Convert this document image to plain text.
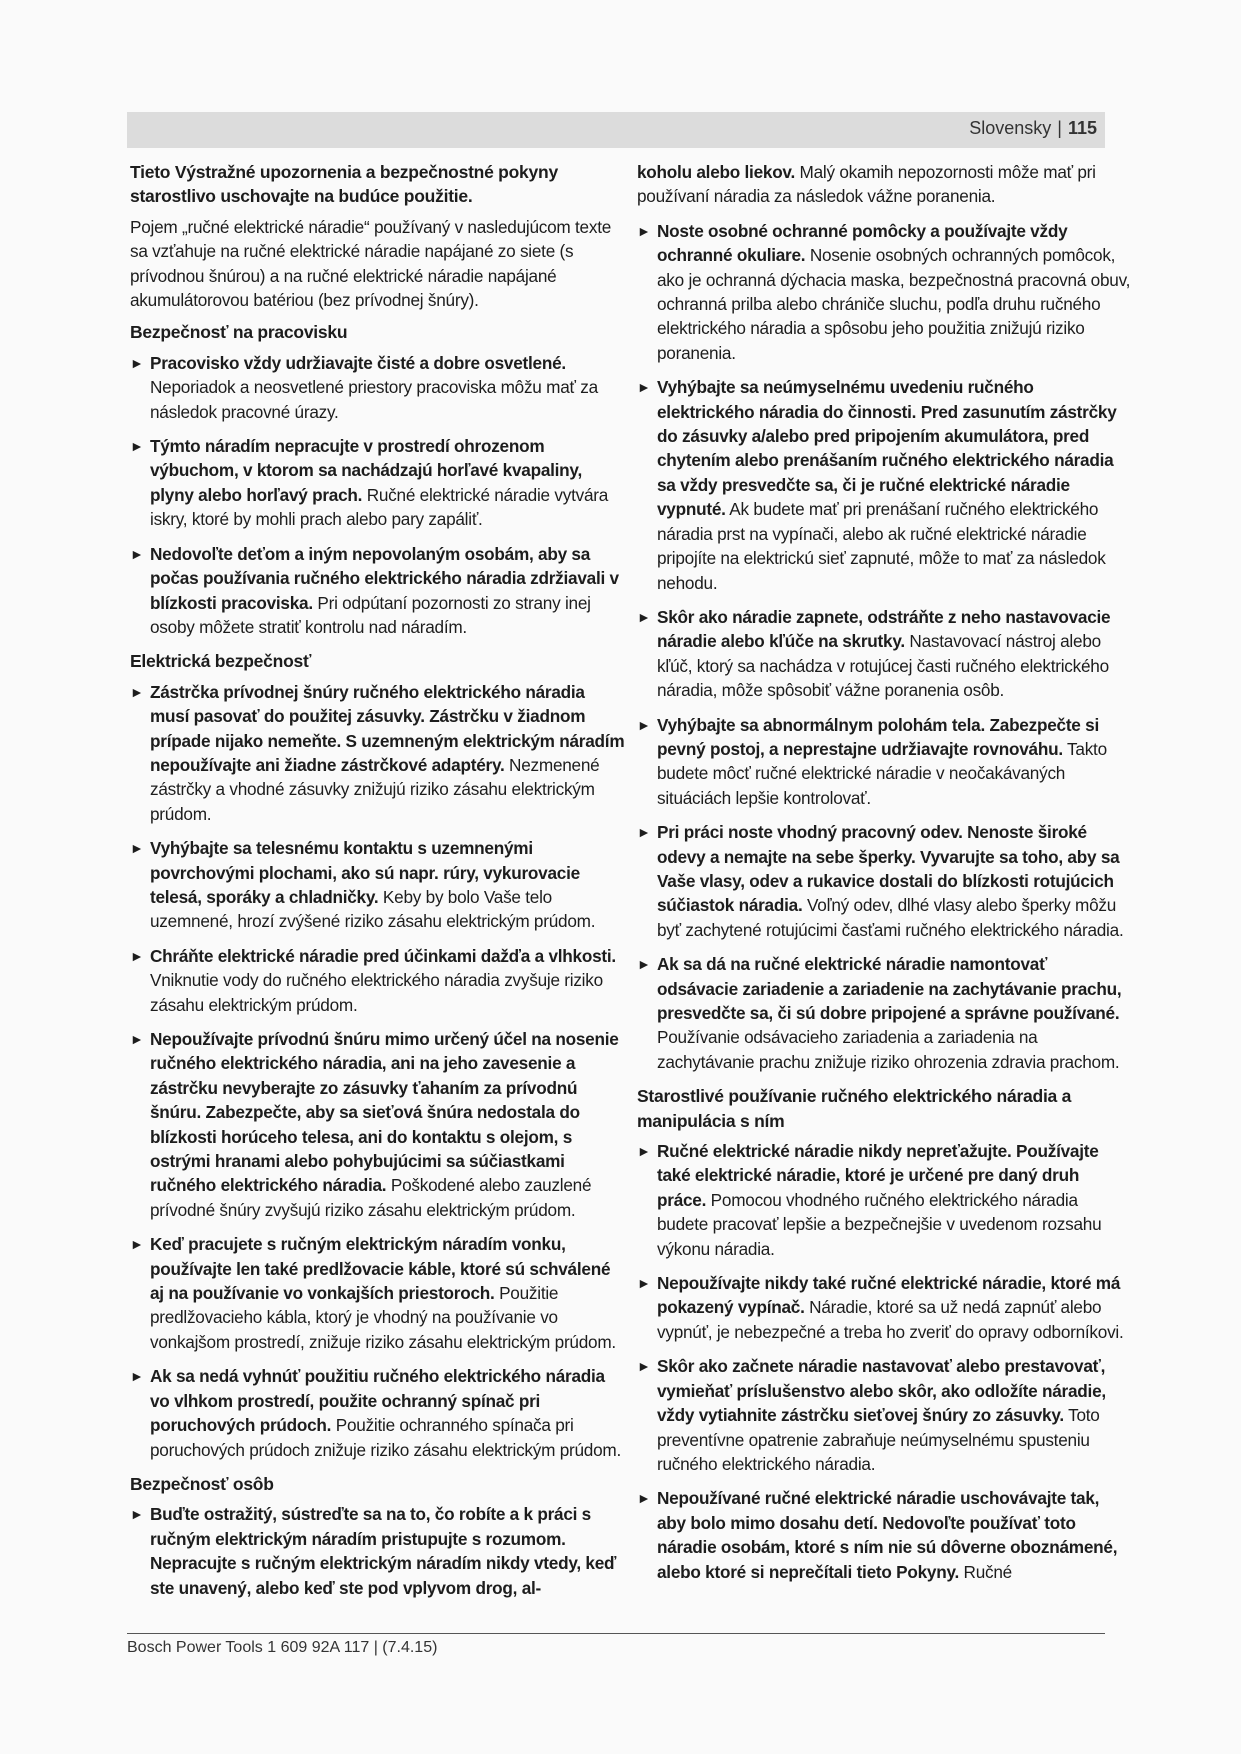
Slovensky | 115
Tieto Výstražné upozornenia a bezpečnostné pokyny starostlivo uschovajte na budúce použitie.

Pojem „ručné elektrické náradie“ používaný v nasledujúcom texte sa vzťahuje na ručné elektrické náradie napájané zo siete (s prívodnou šnúrou) a na ručné elektrické náradie napájané akumulátorovou batériou (bez prívodnej šnúry).

Bezpečnosť na pracovisku
► Pracovisko vždy udržiavajte čisté a dobre osvetlené. Neporiadok a neosvetlené priestory pracoviska môžu mať za následok pracovné úrazy.
► Týmto náradím nepracujte v prostredí ohrozenom výbuchom, v ktorom sa nachádzajú horľavé kvapaliny, plyny alebo horľavý prach. Ručné elektrické náradie vytvára iskry, ktoré by mohli prach alebo pary zapáliť.
► Nedovoľte deťom a iným nepovolaným osobám, aby sa počas používania ručného elektrického náradia zdržiavali v blízkosti pracoviska. Pri odpútaní pozornosti zo strany inej osoby môžete stratiť kontrolu nad náradím.
Elektrická bezpečnosť
► Zástrčka prívodnej šnúry ručného elektrického náradia musí pasovať do použitej zásuvky. Zástrčku v žiadnom prípade nijako nemeňte. S uzemneným elektrickým náradím nepoužívajte ani žiadne zástrčkové adaptéry. Nezmenené zástrčky a vhodné zásuvky znižujú riziko zásahu elektrickým prúdom.
► Vyhýbajte sa telesnému kontaktu s uzemnenými povrchovými plochami, ako sú napr. rúry, vykurovacie telesá, sporáky a chladničky. Keby by bolo Vaše telo uzemnené, hrozí zvýšené riziko zásahu elektrickým prúdom.
► Chráňte elektrické náradie pred účinkami dažďa a vlhkosti. Vniknutie vody do ručného elektrického náradia zvyšuje riziko zásahu elektrickým prúdom.
► Nepoužívajte prívodnú šnúru mimo určený účel na nosenie ručného elektrického náradia, ani na jeho zavesenie a zástrčku nevyberajte zo zásuvky ťahaním za prívodnú šnúru. Zabezpečte, aby sa sieťová šnúra nedostala do blízkosti horúceho telesa, ani do kontaktu s olejom, s ostrými hranami alebo pohybujúcimi sa súčiastkami ručného elektrického náradia. Poškodené alebo zauzlené prívodné šnúry zvyšujú riziko zásahu elektrickým prúdom.
► Keď pracujete s ručným elektrickým náradím vonku, používajte len také predlžovacie káble, ktoré sú schválené aj na používanie vo vonkajších priestoroch. Použitie predlžovacieho kábla, ktorý je vhodný na používanie vo vonkajšom prostredí, znižuje riziko zásahu elektrickým prúdom.
► Ak sa nedá vyhnúť použitiu ručného elektrického náradia vo vlhkom prostredí, použite ochranný spínač pri poruchových prúdoch. Použitie ochranného spínača pri poruchových prúdoch znižuje riziko zásahu elektrickým prúdom.
Bezpečnosť osôb
► Buďte ostražitý, sústreďte sa na to, čo robíte a k práci s ručným elektrickým náradím pristupujte s rozumom. Nepracujte s ručným elektrickým náradím nikdy vtedy, keď ste unavený, alebo keď ste pod vplyvom drog, al-

koholu alebo liekov. Malý okamih nepozornosti môže mať pri používaní náradia za následok vážne poranenia.

► Noste osobné ochranné pomôcky a používajte vždy ochranné okuliare. Nosenie osobných ochranných pomôcok, ako je ochranná dýchacia maska, bezpečnostná pracovná obuv, ochranná prilba alebo chrániče sluchu, podľa druhu ručného elektrického náradia a spôsobu jeho použitia znižujú riziko poranenia.
► Vyhýbajte sa neúmyselnému uvedeniu ručného elektrického náradia do činnosti. Pred zasunutím zástrčky do zásuvky a/alebo pred pripojením akumulátora, pred chytením alebo prenášaním ručného elektrického náradia sa vždy presvedčte sa, či je ručné elektrické náradie vypnuté. Ak budete mať pri prenášaní ručného elektrického náradia prst na vypínači, alebo ak ručné elektrické náradie pripojíte na elektrickú sieť zapnuté, môže to mať za následok nehodu.
► Skôr ako náradie zapnete, odstráňte z neho nastavovacie náradie alebo kľúče na skrutky. Nastavovací nástroj alebo kľúč, ktorý sa nachádza v rotujúcej časti ručného elektrického náradia, môže spôsobiť vážne poranenia osôb.
► Vyhýbajte sa abnormálnym polohám tela. Zabezpečte si pevný postoj, a neprestajne udržiavajte rovnováhu. Takto budete môcť ručné elektrické náradie v neočakávaných situáciách lepšie kontrolovať.
► Pri práci noste vhodný pracovný odev. Nenoste široké odevy a nemajte na sebe šperky. Vyvarujte sa toho, aby sa Vaše vlasy, odev a rukavice dostali do blízkosti rotujúcich súčiastok náradia. Voľný odev, dlhé vlasy alebo šperky môžu byť zachytené rotujúcimi časťami ručného elektrického náradia.
► Ak sa dá na ručné elektrické náradie namontovať odsávacie zariadenie a zariadenie na zachytávanie prachu, presvedčte sa, či sú dobre pripojené a správne používané. Používanie odsávacieho zariadenia a zariadenia na zachytávanie prachu znižuje riziko ohrozenia zdravia prachom.
Starostlivé používanie ručného elektrického náradia a manipulácia s ním
► Ručné elektrické náradie nikdy nepreťažujte. Používajte také elektrické náradie, ktoré je určené pre daný druh práce. Pomocou vhodného ručného elektrického náradia budete pracovať lepšie a bezpečnejšie v uvedenom rozsahu výkonu náradia.
► Nepoužívajte nikdy také ručné elektrické náradie, ktoré má pokazený vypínač. Náradie, ktoré sa už nedá zapnúť alebo vypnúť, je nebezpečné a treba ho zveriť do opravy odborníkovi.
► Skôr ako začnete náradie nastavovať alebo prestavovať, vymieňať príslušenstvo alebo skôr, ako odložíte náradie, vždy vytiahnite zástrčku sieťovej šnúry zo zásuvky. Toto preventívne opatrenie zabraňuje neúmyselnému spusteniu ručného elektrického náradia.
► Nepoužívané ručné elektrické náradie uschovávajte tak, aby bolo mimo dosahu detí. Nedovoľte používať toto náradie osobám, ktoré s ním nie sú dôverne oboznámené, alebo ktoré si neprečítali tieto Pokyny. Ručné
Bosch Power Tools 1 609 92A 117 | (7.4.15)
